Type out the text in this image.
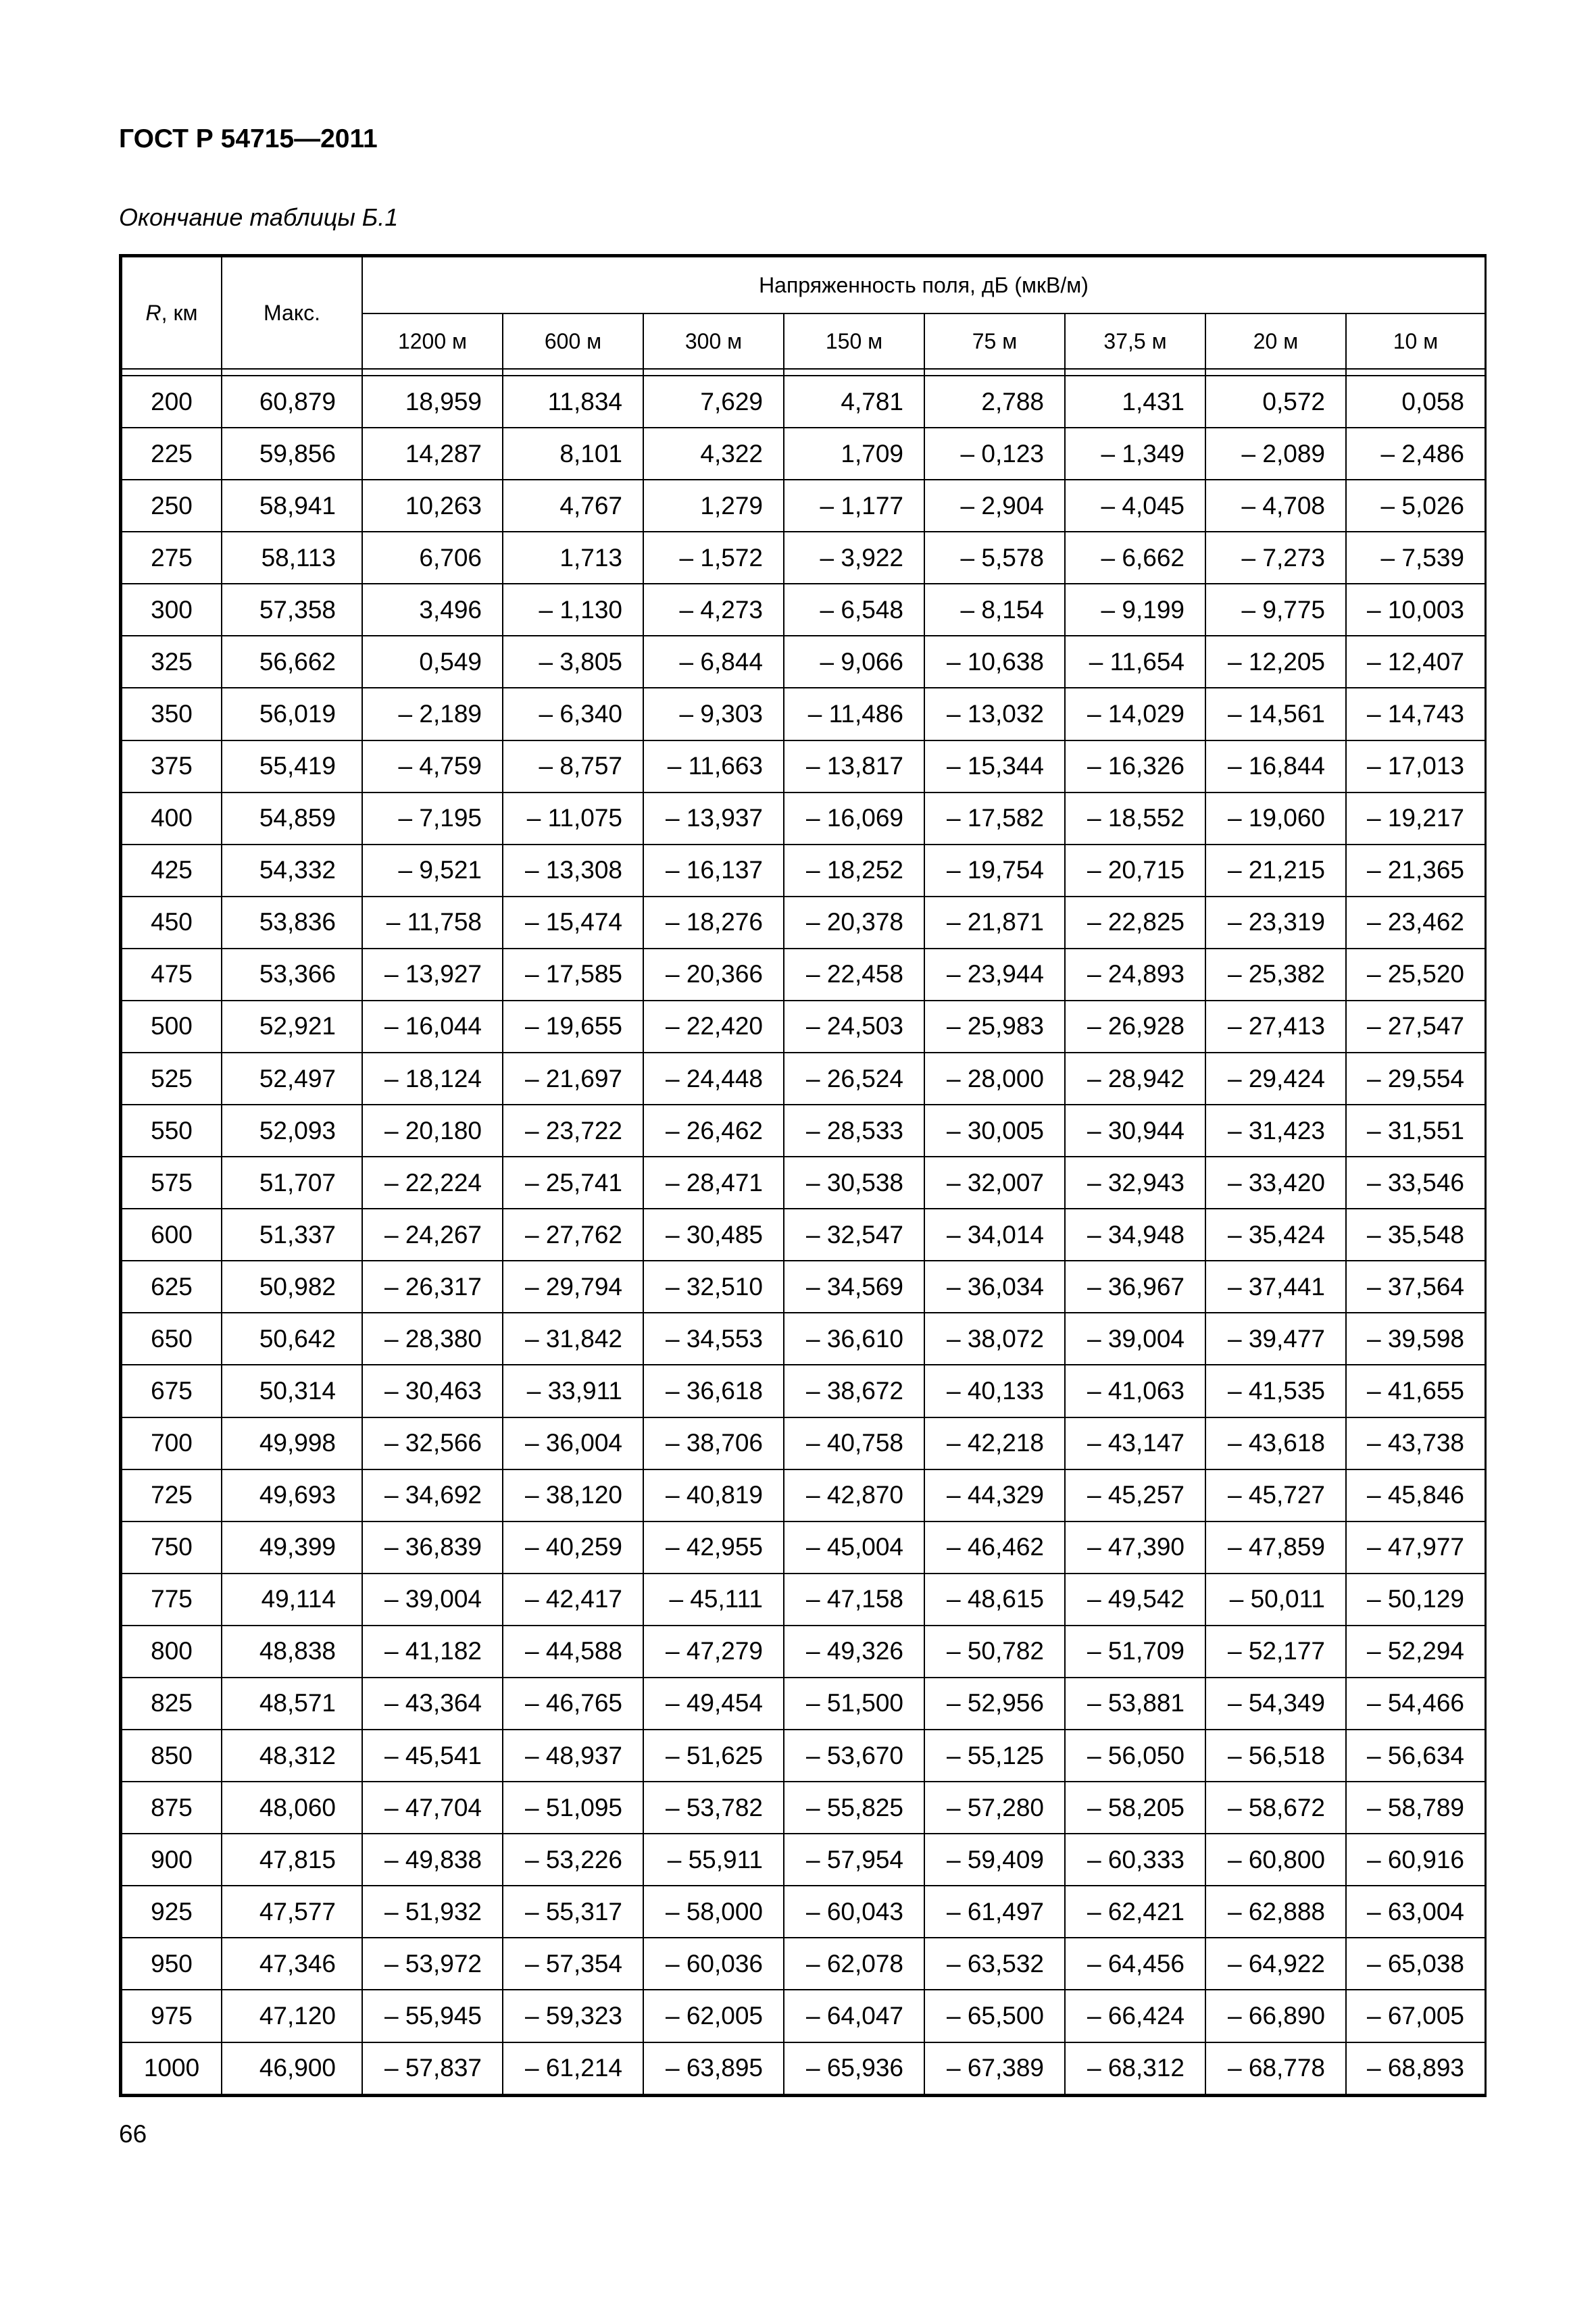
ГОСТ Р 54715—2011
Окончание таблицы Б.1
R, км	Макс.	Напряженность поля, дБ (мкВ/м)							
		1200 м	600 м	300 м	150 м	75 м	37,5 м	20 м	10 м

200	60,879	18,959	11,834	7,629	4,781	2,788	1,431	0,572	0,058
225	59,856	14,287	8,101	4,322	1,709	– 0,123	– 1,349	– 2,089	– 2,486
250	58,941	10,263	4,767	1,279	– 1,177	– 2,904	– 4,045	– 4,708	– 5,026
275	58,113	6,706	1,713	– 1,572	– 3,922	– 5,578	– 6,662	– 7,273	– 7,539
300	57,358	3,496	– 1,130	– 4,273	– 6,548	– 8,154	– 9,199	– 9,775	– 10,003
325	56,662	0,549	– 3,805	– 6,844	– 9,066	– 10,638	– 11,654	– 12,205	– 12,407
350	56,019	– 2,189	– 6,340	– 9,303	– 11,486	– 13,032	– 14,029	– 14,561	– 14,743
375	55,419	– 4,759	– 8,757	– 11,663	– 13,817	– 15,344	– 16,326	– 16,844	– 17,013
400	54,859	– 7,195	– 11,075	– 13,937	– 16,069	– 17,582	– 18,552	– 19,060	– 19,217
425	54,332	– 9,521	– 13,308	– 16,137	– 18,252	– 19,754	– 20,715	– 21,215	– 21,365
450	53,836	– 11,758	– 15,474	– 18,276	– 20,378	– 21,871	– 22,825	– 23,319	– 23,462
475	53,366	– 13,927	– 17,585	– 20,366	– 22,458	– 23,944	– 24,893	– 25,382	– 25,520
500	52,921	– 16,044	– 19,655	– 22,420	– 24,503	– 25,983	– 26,928	– 27,413	– 27,547
525	52,497	– 18,124	– 21,697	– 24,448	– 26,524	– 28,000	– 28,942	– 29,424	– 29,554
550	52,093	– 20,180	– 23,722	– 26,462	– 28,533	– 30,005	– 30,944	– 31,423	– 31,551
575	51,707	– 22,224	– 25,741	– 28,471	– 30,538	– 32,007	– 32,943	– 33,420	– 33,546
600	51,337	– 24,267	– 27,762	– 30,485	– 32,547	– 34,014	– 34,948	– 35,424	– 35,548
625	50,982	– 26,317	– 29,794	– 32,510	– 34,569	– 36,034	– 36,967	– 37,441	– 37,564
650	50,642	– 28,380	– 31,842	– 34,553	– 36,610	– 38,072	– 39,004	– 39,477	– 39,598
675	50,314	– 30,463	– 33,911	– 36,618	– 38,672	– 40,133	– 41,063	– 41,535	– 41,655
700	49,998	– 32,566	– 36,004	– 38,706	– 40,758	– 42,218	– 43,147	– 43,618	– 43,738
725	49,693	– 34,692	– 38,120	– 40,819	– 42,870	– 44,329	– 45,257	– 45,727	– 45,846
750	49,399	– 36,839	– 40,259	– 42,955	– 45,004	– 46,462	– 47,390	– 47,859	– 47,977
775	49,114	– 39,004	– 42,417	– 45,111	– 47,158	– 48,615	– 49,542	– 50,011	– 50,129
800	48,838	– 41,182	– 44,588	– 47,279	– 49,326	– 50,782	– 51,709	– 52,177	– 52,294
825	48,571	– 43,364	– 46,765	– 49,454	– 51,500	– 52,956	– 53,881	– 54,349	– 54,466
850	48,312	– 45,541	– 48,937	– 51,625	– 53,670	– 55,125	– 56,050	– 56,518	– 56,634
875	48,060	– 47,704	– 51,095	– 53,782	– 55,825	– 57,280	– 58,205	– 58,672	– 58,789
900	47,815	– 49,838	– 53,226	– 55,911	– 57,954	– 59,409	– 60,333	– 60,800	– 60,916
925	47,577	– 51,932	– 55,317	– 58,000	– 60,043	– 61,497	– 62,421	– 62,888	– 63,004
950	47,346	– 53,972	– 57,354	– 60,036	– 62,078	– 63,532	– 64,456	– 64,922	– 65,038
975	47,120	– 55,945	– 59,323	– 62,005	– 64,047	– 65,500	– 66,424	– 66,890	– 67,005
1000	46,900	– 57,837	– 61,214	– 63,895	– 65,936	– 67,389	– 68,312	– 68,778	– 68,893
66
